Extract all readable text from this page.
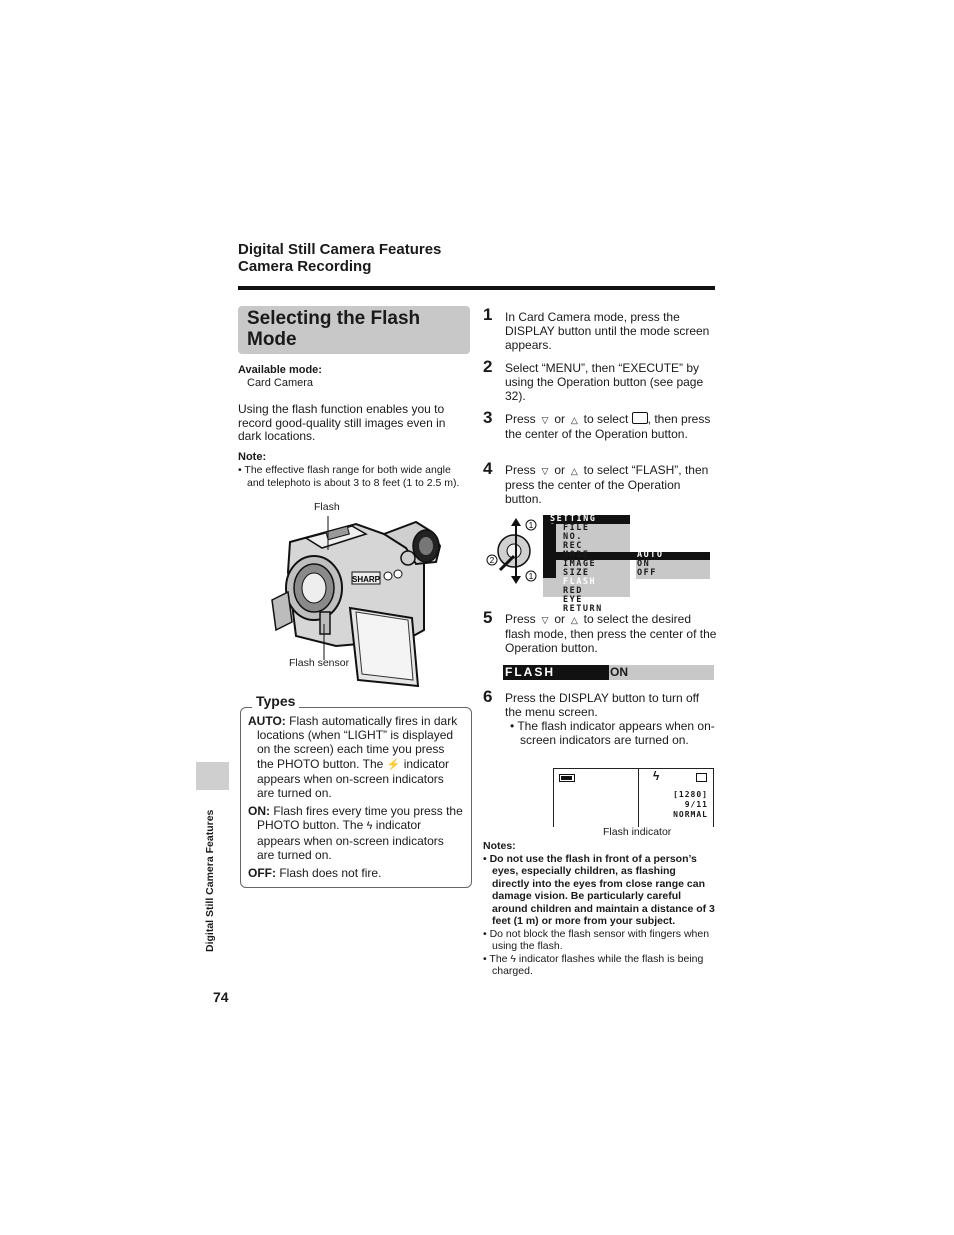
Digital Still Camera Features
Camera Recording
Selecting the Flash Mode
Available mode:
Card Camera
Using the flash function enables you to record good-quality still images even in dark locations.
Note:
• The effective flash range for both wide angle and telephoto is about 3 to 8 feet (1 to 2.5 m).
Flash
Flash sensor
SHARP
Types
AUTO: Flash automatically fires in dark locations (when “LIGHT” is displayed on the screen) each time you press the PHOTO button. The ⚡ indicator appears when on-screen indicators are turned on.
ON: Flash fires every time you press the PHOTO button. The ϟ indicator appears when on-screen indicators are turned on.
OFF: Flash does not fire.
Digital Still Camera Features
74
1 In Card Camera mode, press the DISPLAY button until the mode screen appears.
2 Select “MENU”, then “EXECUTE” by using the Operation button (see page 32).
3 Press  ▽  or  △  to select , then press the center of the Operation button.
4 Press  ▽  or  △  to select “FLASH”, then press the center of the Operation button.
1
2
1
SETTING
FILE NO.
REC MODE
IMAGE SIZE
FLASH
RED EYE
RETURN
AUTO
ON
OFF
5 Press  ▽  or  △  to select the desired flash mode, then press the center of the Operation button.
FLASH	ON
6 Press the DISPLAY button to turn off the menu screen.
• The flash indicator appears when on-screen indicators are turned on.
ϟ
[1280]
9/11
NORMAL
Flash indicator
Notes:
• Do not use the flash in front of a person’s eyes, especially children, as flashing directly into the eyes from close range can damage vision. Be particularly careful around children and maintain a distance of 3 feet (1 m) or more from your subject.
• Do not block the flash sensor with fingers when using the flash.
• The ϟ indicator flashes while the flash is being charged.
